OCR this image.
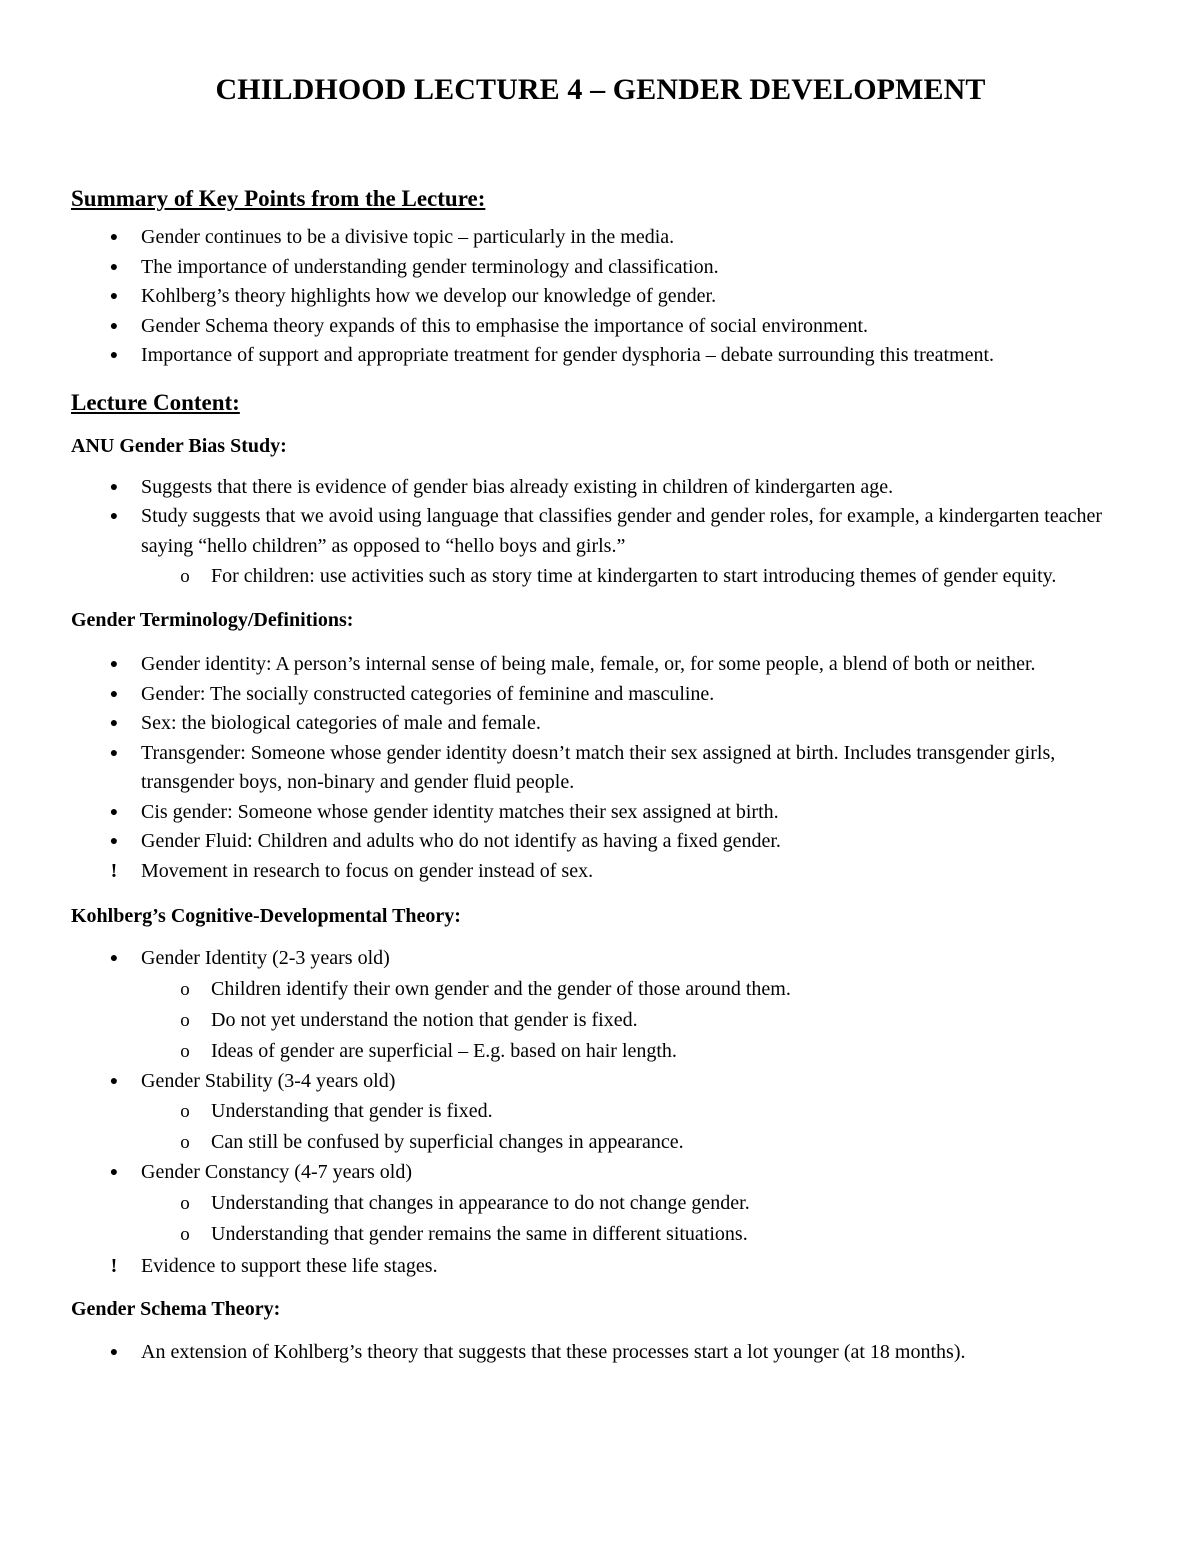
CHILDHOOD LECTURE 4 – GENDER DEVELOPMENT
Summary of Key Points from the Lecture:
● Gender continues to be a divisive topic – particularly in the media.
● The importance of understanding gender terminology and classification.
● Kohlberg’s theory highlights how we develop our knowledge of gender.
● Gender Schema theory expands of this to emphasise the importance of social environment.
● Importance of support and appropriate treatment for gender dysphoria – debate surrounding this treatment.
Lecture Content:
ANU Gender Bias Study:
● Suggests that there is evidence of gender bias already existing in children of kindergarten age.
● Study suggests that we avoid using language that classifies gender and gender roles, for example, a kindergarten teacher saying “hello children” as opposed to “hello boys and girls.”
o For children: use activities such as story time at kindergarten to start introducing themes of gender equity.
Gender Terminology/Definitions:
● Gender identity: A person’s internal sense of being male, female, or, for some people, a blend of both or neither.
● Gender: The socially constructed categories of feminine and masculine.
● Sex: the biological categories of male and female.
● Transgender: Someone whose gender identity doesn’t match their sex assigned at birth. Includes transgender girls, transgender boys, non-binary and gender fluid people.
● Cis gender: Someone whose gender identity matches their sex assigned at birth.
● Gender Fluid: Children and adults who do not identify as having a fixed gender.
!	Movement in research to focus on gender instead of sex.
Kohlberg’s Cognitive-Developmental Theory:
● Gender Identity (2-3 years old)
o Children identify their own gender and the gender of those around them.
o Do not yet understand the notion that gender is fixed.
o Ideas of gender are superficial – E.g. based on hair length.
● Gender Stability (3-4 years old)
o Understanding that gender is fixed.
o Can still be confused by superficial changes in appearance.
● Gender Constancy (4-7 years old)
o Understanding that changes in appearance to do not change gender.
o Understanding that gender remains the same in different situations.
!	Evidence to support these life stages.
Gender Schema Theory:
● An extension of Kohlberg’s theory that suggests that these processes start a lot younger (at 18 months).
